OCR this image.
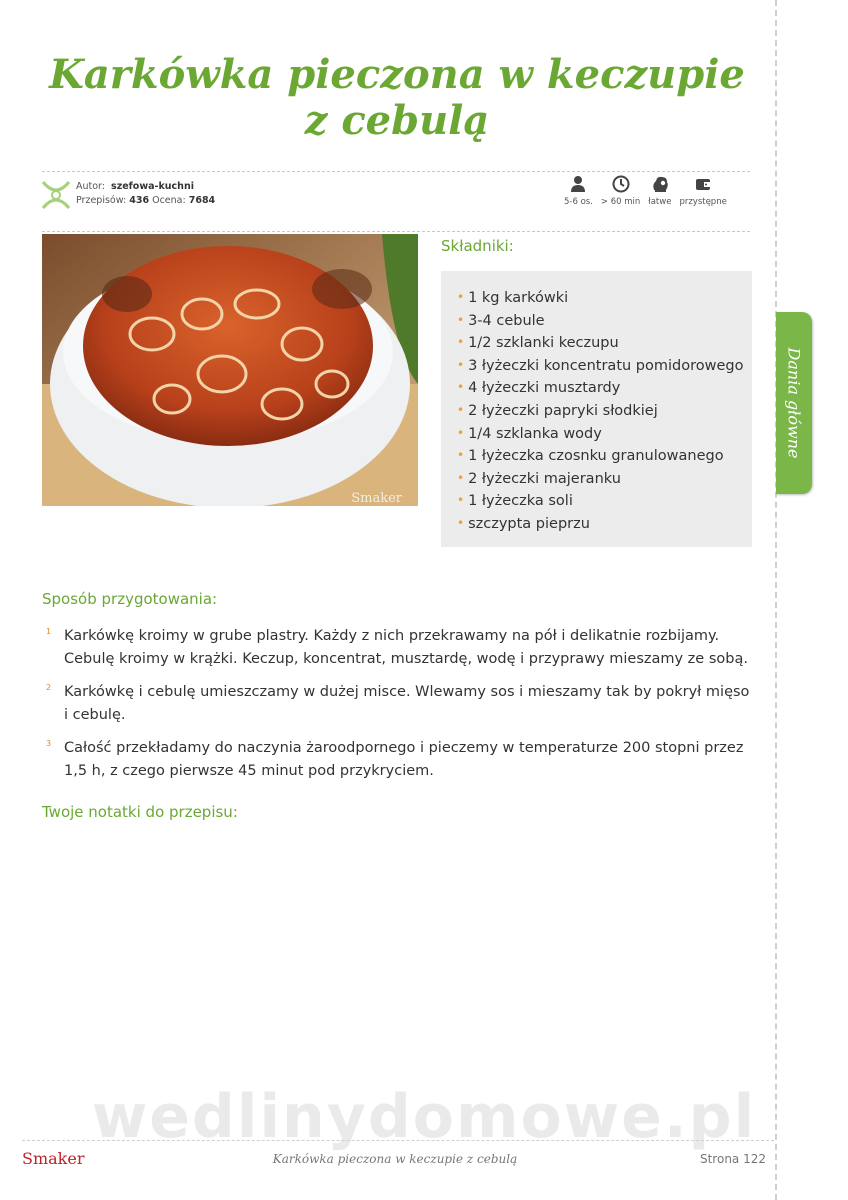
Dania główne
Karkówka pieczona w keczupie z cebulą
Autor: szefowa-kuchni
Przepisów: 436 Ocena: 7684	5-6 os. > 60 min łatwe przystępne
Smaker
Składniki:
• 1 kg karkówki
• 3-4 cebule
• 1/2 szklanki keczupu
• 3 łyżeczki koncentratu pomidorowego
• 4 łyżeczki musztardy
• 2 łyżeczki papryki słodkiej
• 1/4 szklanka wody
• 1 łyżeczka czosnku granulowanego
• 2 łyżeczki majeranku
• 1 łyżeczka soli
• szczypta pieprzu
Sposób przygotowania:
1 Karkówkę kroimy w grube plastry. Każdy z nich przekrawamy na pół i delikatnie rozbijamy. Cebulę kroimy w krążki. Keczup, koncentrat, musztardę, wodę i przyprawy mieszamy ze sobą.
2 Karkówkę i cebulę umieszczamy w dużej misce. Wlewamy sos i mieszamy tak by pokrył mięso i cebulę.
3 Całość przekładamy do naczynia żaroodpornego i pieczemy w temperaturze 200 stopni przez 1,5 h, z czego pierwsze 45 minut pod przykryciem.
Twoje notatki do przepisu:
wedlinydomowe.pl
Smaker	Karkówka pieczona w keczupie z cebulą	Strona 122
